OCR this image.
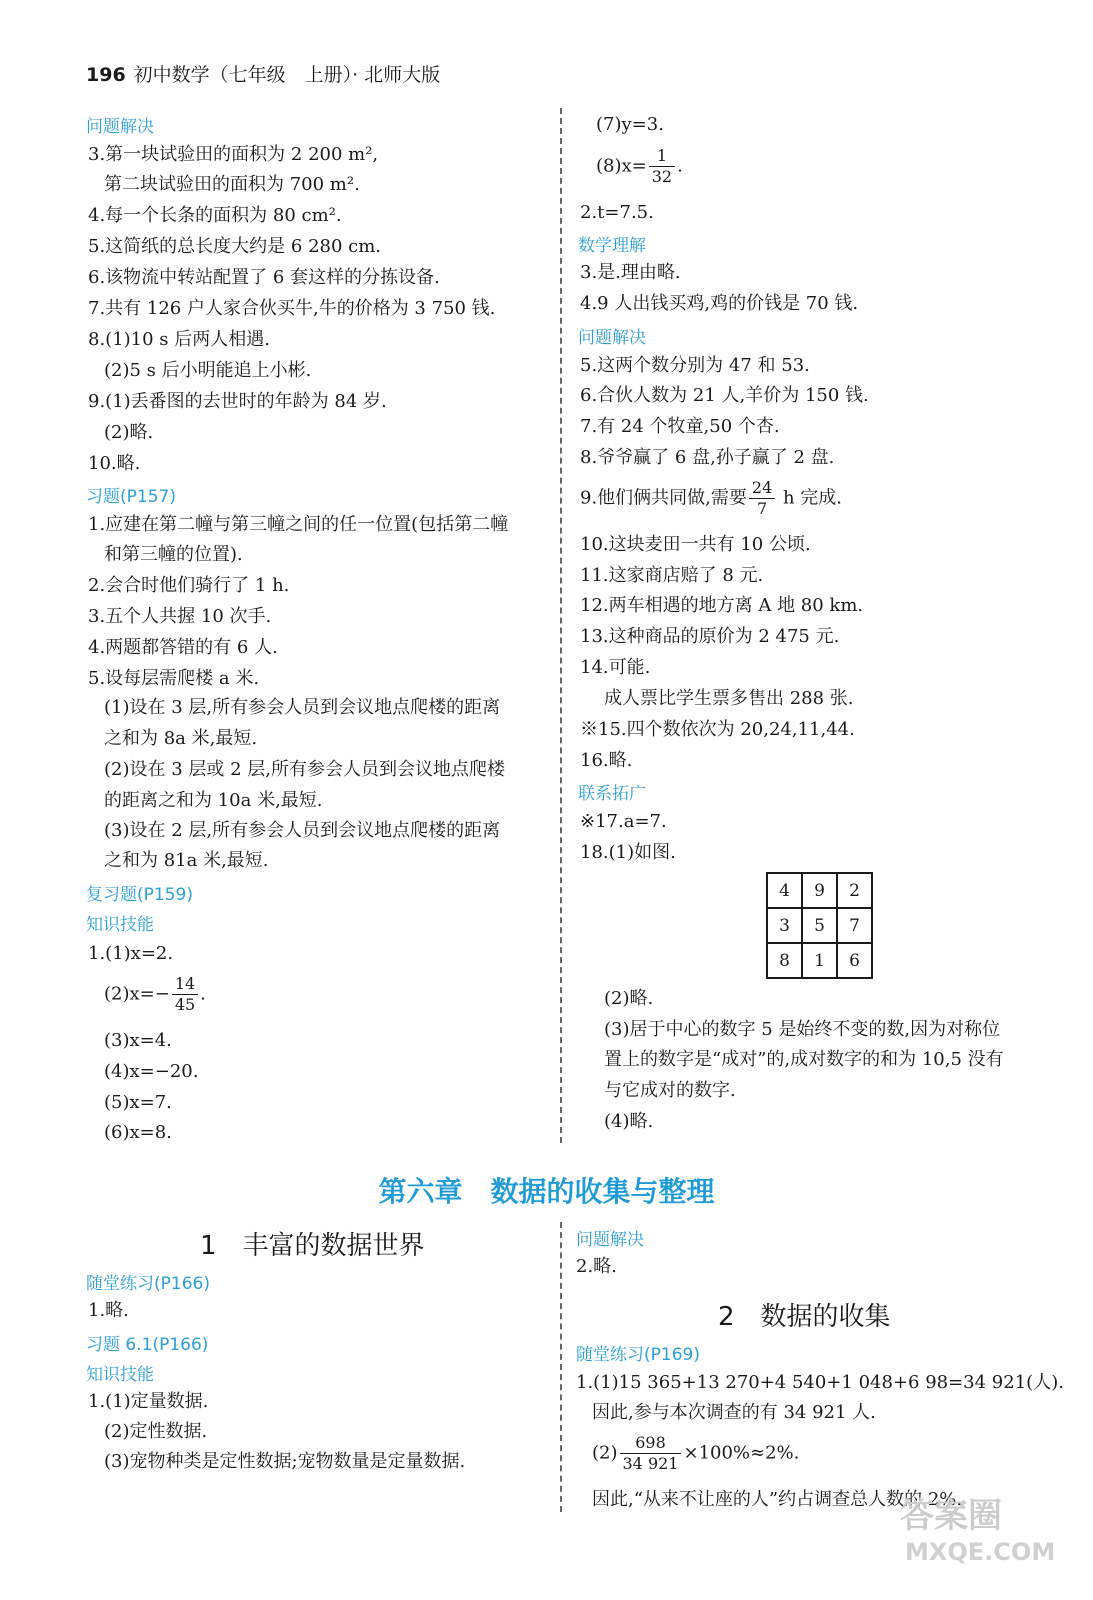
196 初中数学（七年级　上册）· 北师大版
问题解决
3.第一块试验田的面积为 2 200 m²,
第二块试验田的面积为 700 m².
4.每一个长条的面积为 80 cm².
5.这简纸的总长度大约是 6 280 cm.
6.该物流中转站配置了 6 套这样的分拣设备.
7.共有 126 户人家合伙买牛,牛的价格为 3 750 钱.
8.(1)10 s 后两人相遇.
(2)5 s 后小明能追上小彬.
9.(1)丢番图的去世时的年龄为 84 岁.
(2)略.
10.略.
习题(P157)
1.应建在第二幢与第三幢之间的任一位置(包括第二幢
和第三幢的位置).
2.会合时他们骑行了 1 h.
3.五个人共握 10 次手.
4.两题都答错的有 6 人.
5.设每层需爬楼 a 米.
(1)设在 3 层,所有参会人员到会议地点爬楼的距离
之和为 8a 米,最短.
(2)设在 3 层或 2 层,所有参会人员到会议地点爬楼
的距离之和为 10a 米,最短.
(3)设在 2 层,所有参会人员到会议地点爬楼的距离
之和为 81a 米,最短.
复习题(P159)
知识技能
1.(1)x=2.
$(2)x=- \frac{14}{45}$ .
(3)x=4.
(4)x=−20.
(5)x=7.
(6)x=8.
(7)y=3.
$(8)x= \frac{1}{32}$ .
2.t=7.5.
数学理解
3.是.理由略.
4.9 人出钱买鸡,鸡的价钱是 70 钱.
问题解决
5.这两个数分别为 47 和 53.
6.合伙人数为 21 人,羊价为 150 钱.
7.有 24 个牧童,50 个杏.
8.爷爷赢了 6 盘,孙子赢了 2 盘.
9.他们俩共同做,需要 $\frac{24}{7}$ h 完成.
10.这块麦田一共有 10 公顷.
11.这家商店赔了 8 元.
12.两车相遇的地方离 A 地 80 km.
13.这种商品的原价为 2 475 元.
14.可能.
成人票比学生票多售出 288 张.
※15.四个数依次为 20,24,11,44.
16.略.
联系拓广
※17.a=7.
18.(1)如图.
4	9	2
3	5	7
8	1	6
(2)略.
(3)居于中心的数字 5 是始终不变的数,因为对称位
置上的数字是“成对”的,成对数字的和为 10,5 没有
与它成对的数字.
(4)略.
第六章　数据的收集与整理
1　丰富的数据世界
随堂练习(P166)
1.略.
习题 6.1(P166)
知识技能
1.(1)定量数据.
(2)定性数据.
(3)宠物种类是定性数据;宠物数量是定量数据.
问题解决
2.略.
2　数据的收集
随堂练习(P169)
1.(1)15 365+13 270+4 540+1 048+6 98=34 921(人).
因此,参与本次调查的有 34 921 人.
$(2) \frac{698}{34 921} \times 100\%\approx 2\%$.
因此,“从来不让座的人”约占调查总人数的 2%.
答案圈
MXQE.COM
